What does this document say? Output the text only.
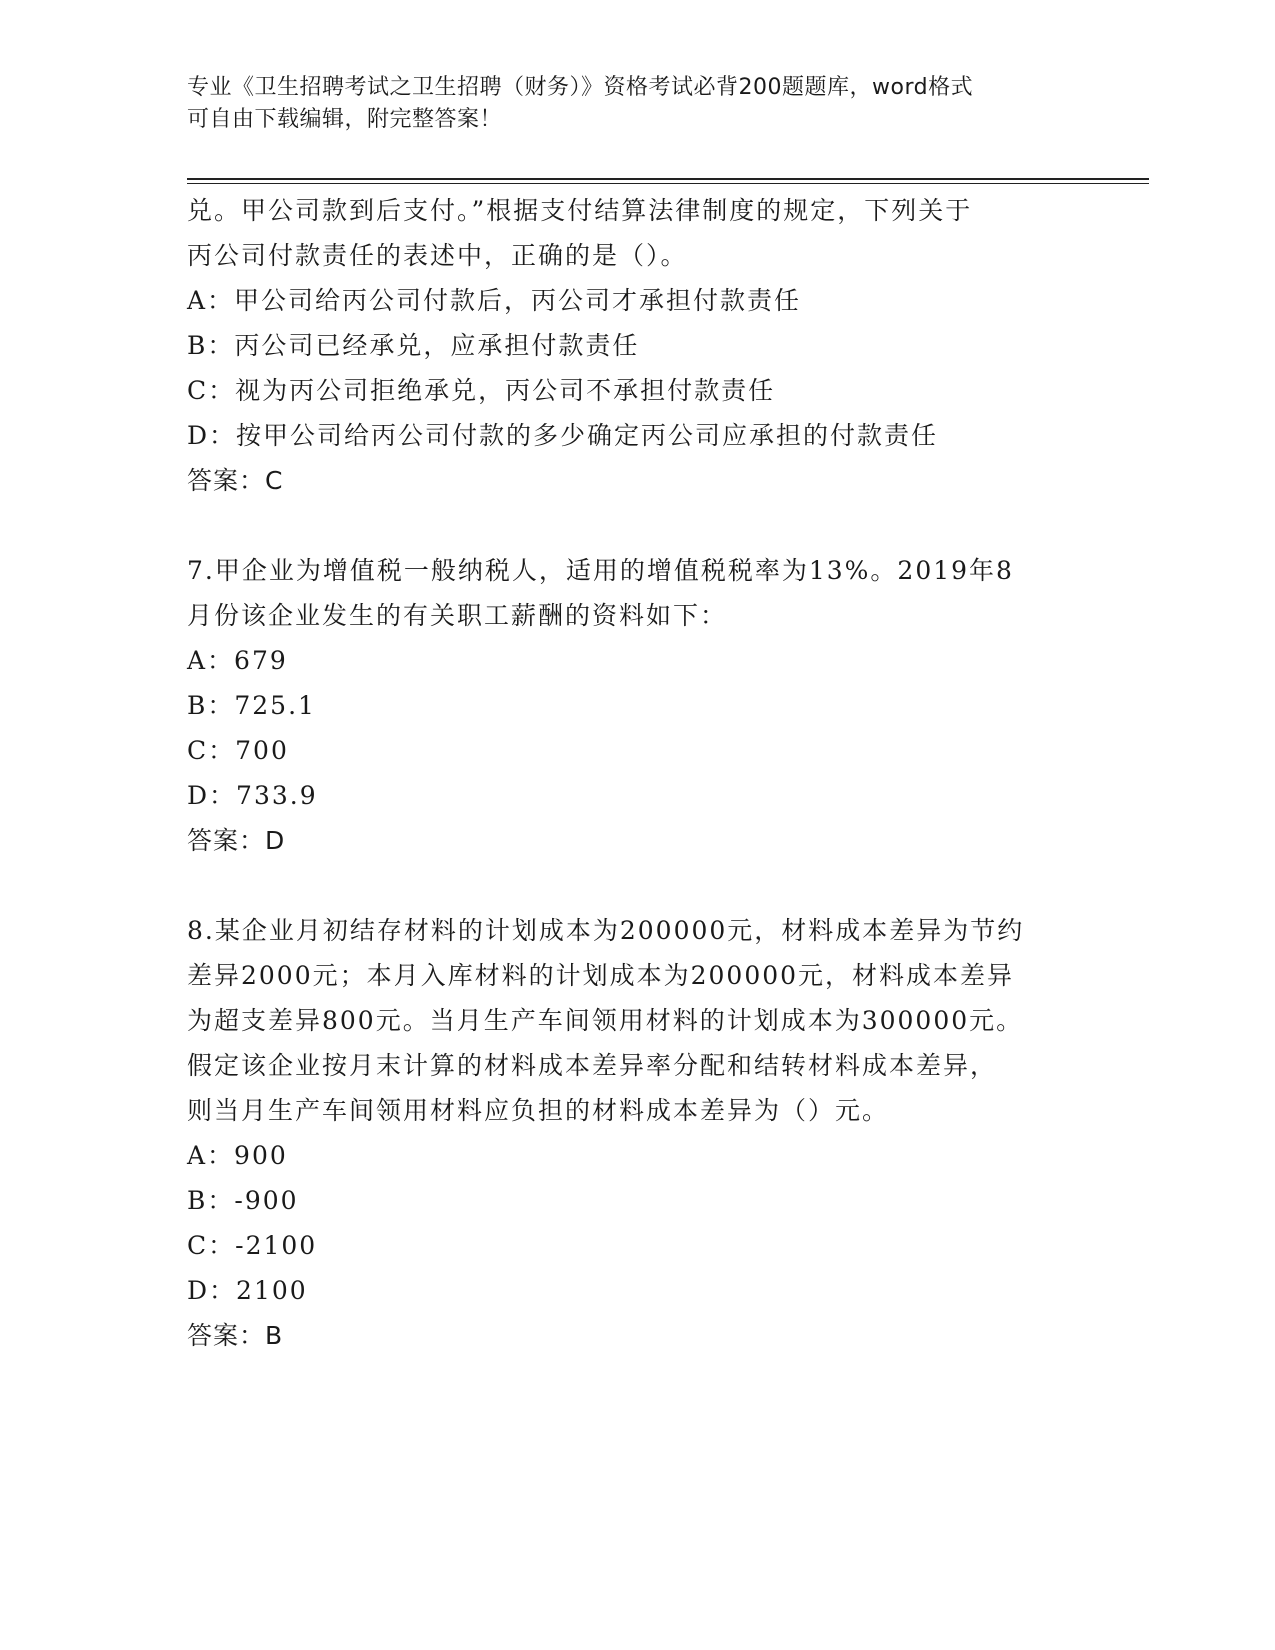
专业《卫生招聘考试之卫生招聘（财务）》资格考试必背200题题库，word格式
可自由下载编辑，附完整答案！
兑。甲公司款到后支付。”根据支付结算法律制度的规定，下列关于
丙公司付款责任的表述中，正确的是（）。
A：甲公司给丙公司付款后，丙公司才承担付款责任
B：丙公司已经承兑，应承担付款责任
C：视为丙公司拒绝承兑，丙公司不承担付款责任
D：按甲公司给丙公司付款的多少确定丙公司应承担的付款责任
答案：C
7.甲企业为增值税一般纳税人，适用的增值税税率为13%。2019年8
月份该企业发生的有关职工薪酬的资料如下：
A：679
B：725.1
C：700
D：733.9
答案：D
8.某企业月初结存材料的计划成本为200000元，材料成本差异为节约
差异2000元；本月入库材料的计划成本为200000元，材料成本差异
为超支差异800元。当月生产车间领用材料的计划成本为300000元。
假定该企业按月末计算的材料成本差异率分配和结转材料成本差异，
则当月生产车间领用材料应负担的材料成本差异为（）元。
A：900
B：-900
C：-2100
D：2100
答案：B
